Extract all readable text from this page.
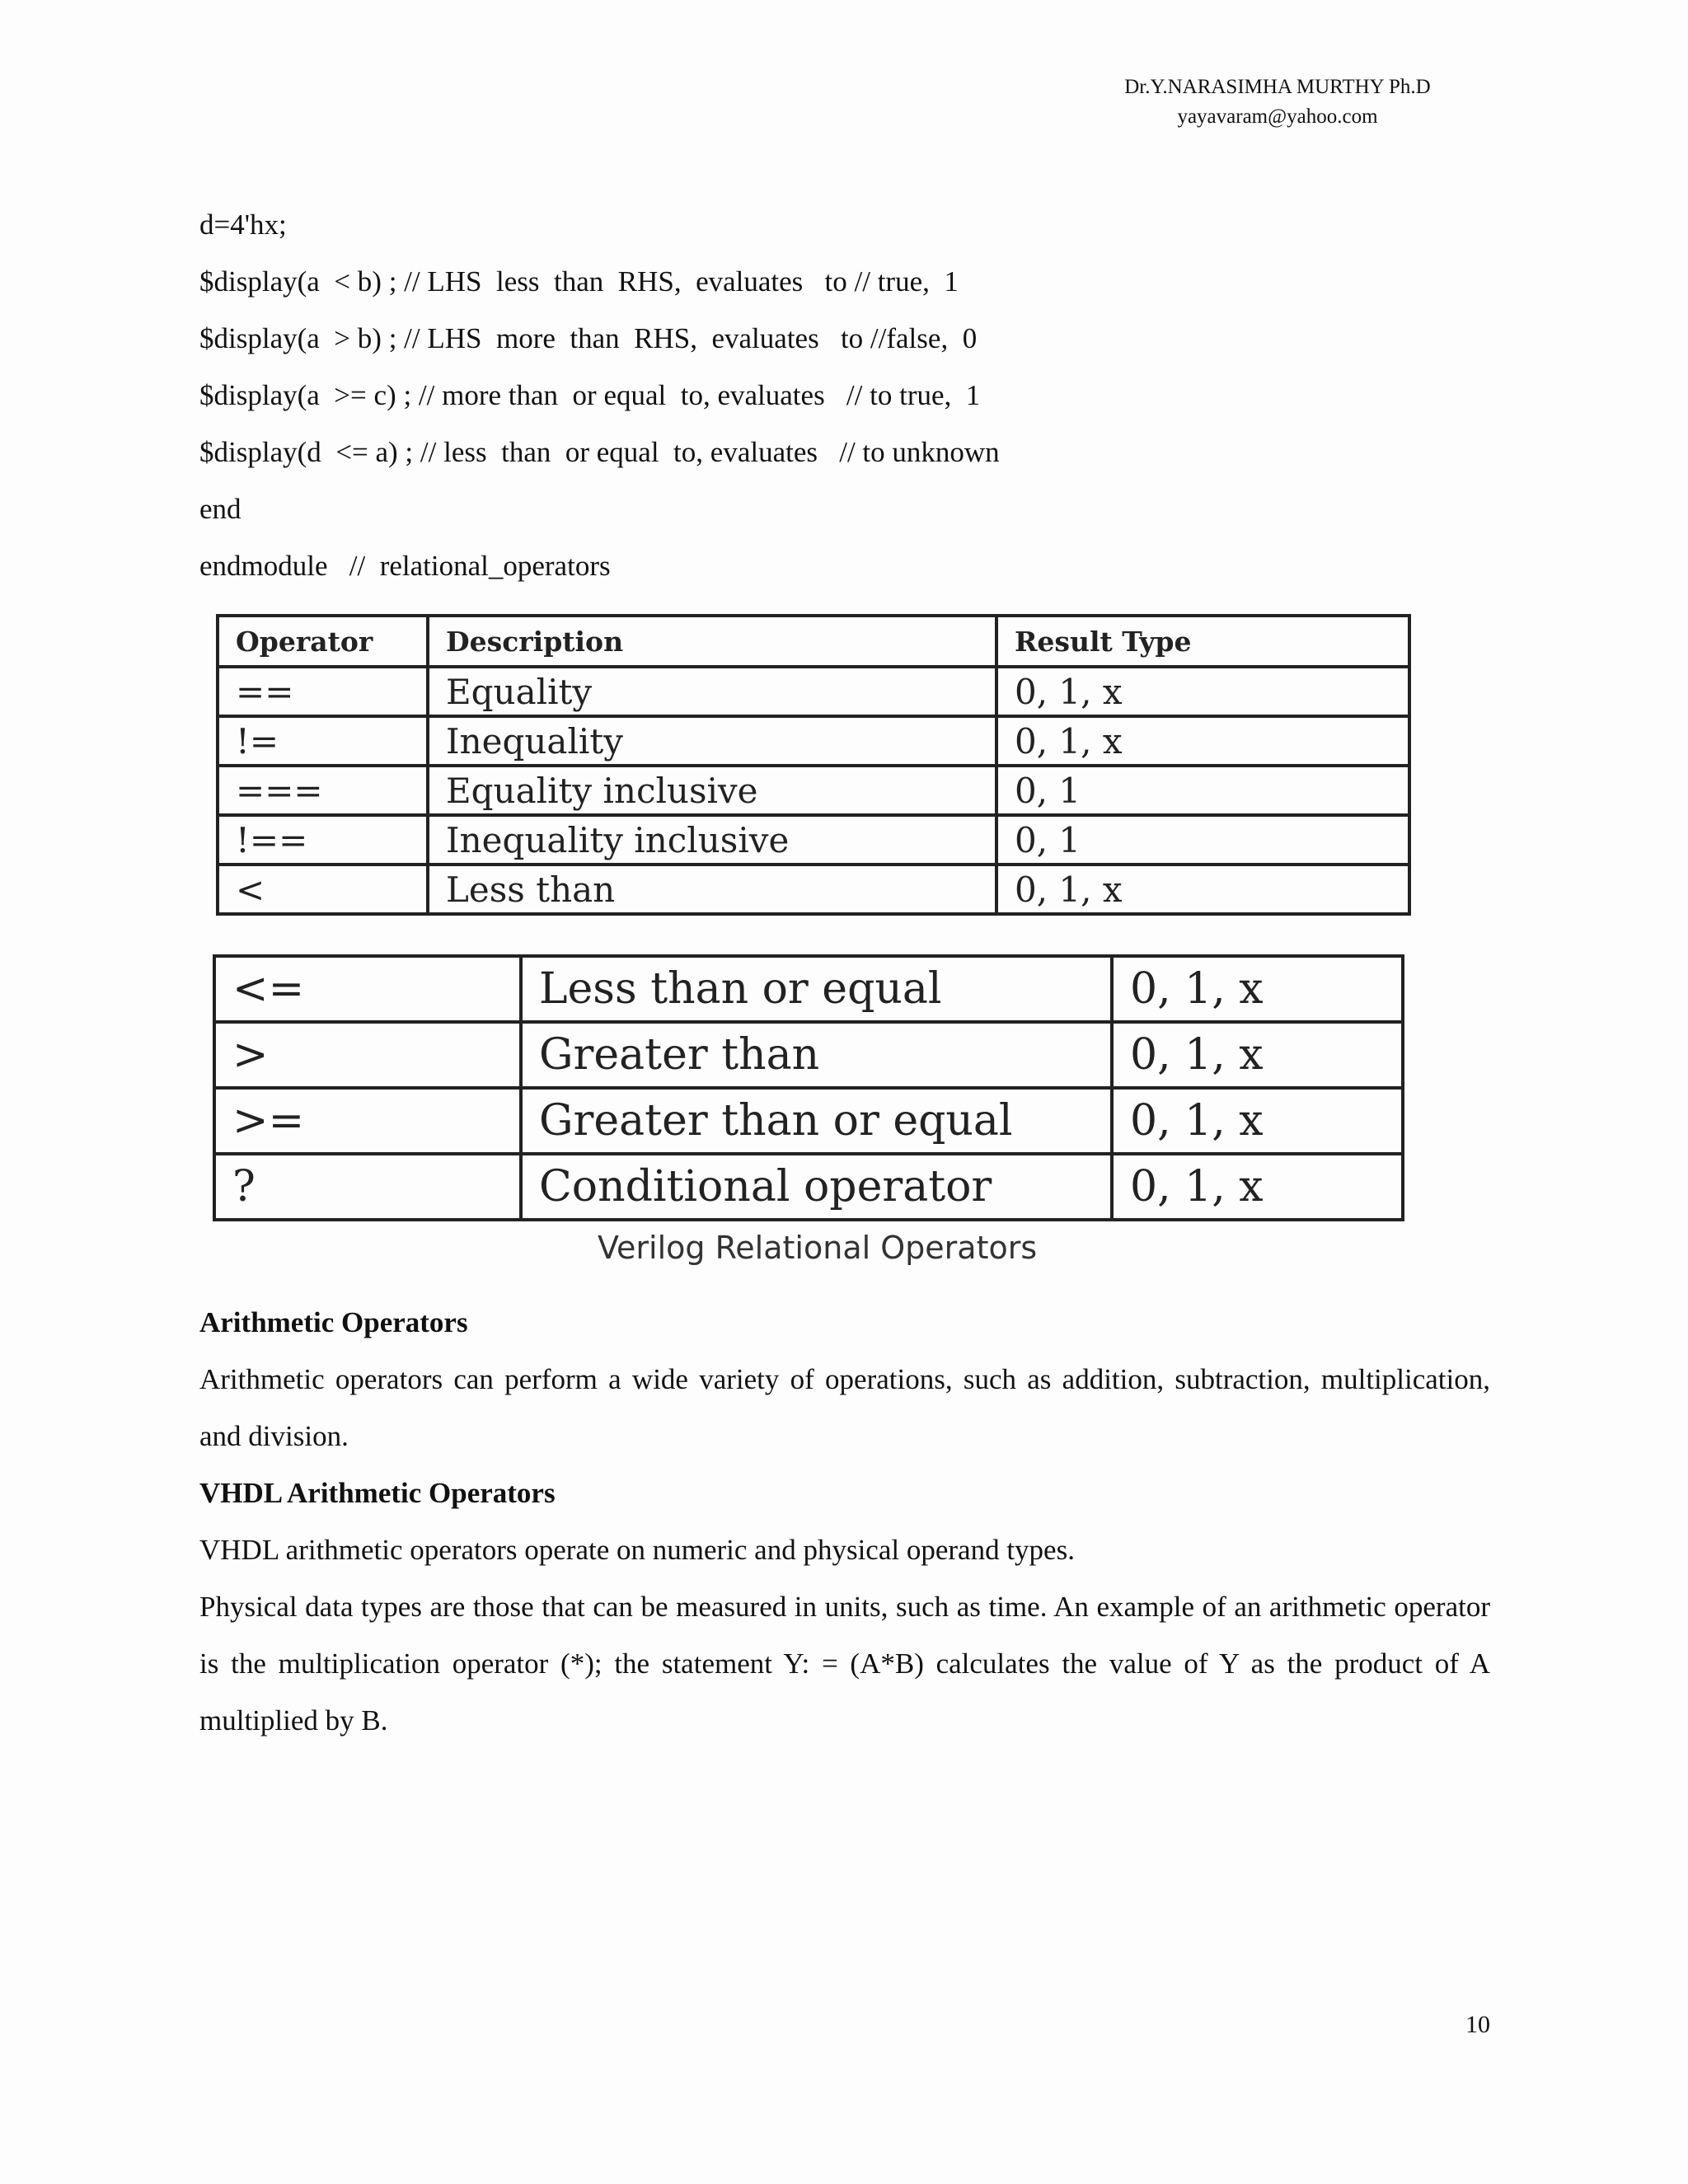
Dr.Y.NARASIMHA MURTHY Ph.D
yayavaram@yahoo.com
d=4'hx;
$display(a  < b) ; // LHS  less  than  RHS,  evaluates   to // true,  1
$display(a  > b) ; // LHS  more  than  RHS,  evaluates   to //false,  0
$display(a  >= c) ; // more than  or equal  to, evaluates   // to true,  1
$display(d  <= a) ; // less  than  or equal  to, evaluates   // to unknown
end
endmodule   //  relational_operators
Operator	Description	Result Type
==	Equality	0, 1, x
!=	Inequality	0, 1, x
===	Equality inclusive	0, 1
!==	Inequality inclusive	0, 1
<	Less than	0, 1, x
<=	Less than or equal	0, 1, x
>	Greater than	0, 1, x
>=	Greater than or equal	0, 1, x
?	Conditional operator	0, 1, x
Verilog Relational Operators

Arithmetic Operators

Arithmetic operators can perform a wide variety of operations, such as addition, subtraction, multiplication, and division.

VHDL Arithmetic Operators

VHDL arithmetic operators operate on numeric and physical operand types.

Physical data types are those that can be measured in units, such as time. An example of an arithmetic operator is the multiplication operator (*); the statement Y: = (A*B) calculates the value of Y as the product of A multiplied by B.

10
